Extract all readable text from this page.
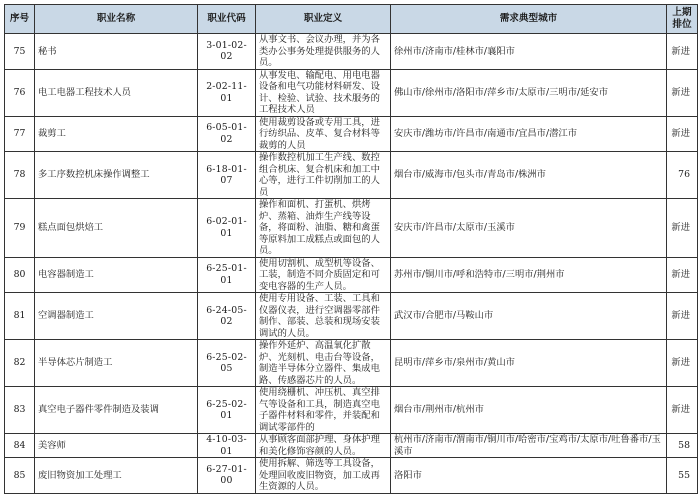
序号	职业名称	职业代码	职业定义	需求典型城市	上期
排位
75	秘书	3-01-02-02	从事文书、会议办理，并为各类办公事务处理提供服务的人员。	徐州市/济南市/桂林市/襄阳市	新进
76	电工电器工程技术人员	2-02-11-01	从事发电、输配电、用电电器设备和电气功能材料研发、设计、检验、试验、技术服务的工程技术人员	佛山市/徐州市/洛阳市/萍乡市/太原市/三明市/延安市	新进
77	裁剪工	6-05-01-02	使用裁剪设备或专用工具，进行纺织品、皮革、复合材料等裁剪的人员	安庆市/潍坊市/许昌市/南通市/宜昌市/潜江市	新进
78	多工序数控机床操作调整工	6-18-01-07	操作数控机加工生产线、数控组合机床、复合机床和加工中心等，进行工件切削加工的人员	烟台市/威海市/包头市/青岛市/株洲市	76
79	糕点面包烘焙工	6-02-01-01	操作和面机、打蛋机、烘烤炉、蒸箱、油炸生产线等设备，将面粉、油脂、糖和禽蛋等原料加工成糕点或面包的人员。	安庆市/许昌市/太原市/玉溪市	新进
80	电容器制造工	6-25-01-01	使用切割机、成型机等设备、工装，制造不同介质固定和可变电容器的生产人员。	苏州市/铜川市/呼和浩特市/三明市/荆州市	新进
81	空调器制造工	6-24-05-02	使用专用设备、工装、工具和仪器仪表，进行空调器零部件制作、部装、总装和现场安装调试的人员。	武汉市/合肥市/马鞍山市	新进
82	半导体芯片制造工	6-25-02-05	操作外延炉、高温氧化扩散炉、光刻机、电击台等设备，制造半导体分立器件、集成电路、传感器芯片的人员。	昆明市/萍乡市/泉州市/黄山市	新进
83	真空电子器件零件制造及装调	6-25-02-01	使用绕栅机、冲压机、真空排气等设备和工具，制造真空电子器件材料和零件，并装配和调试零部件的	烟台市/荆州市/杭州市	新进
84	美容师	4-10-03-01	从事顾客面部护理、身体护理和美化修饰容颜的人员。	杭州市/济南市/渭南市/铜川市/哈密市/宝鸡市/太原市/吐鲁番市/玉溪市	58
85	废旧物资加工处理工	6-27-01-00	使用拆解、筛选等工具设备，处理回收废旧物资，加工成再生资源的人员。	洛阳市	55
